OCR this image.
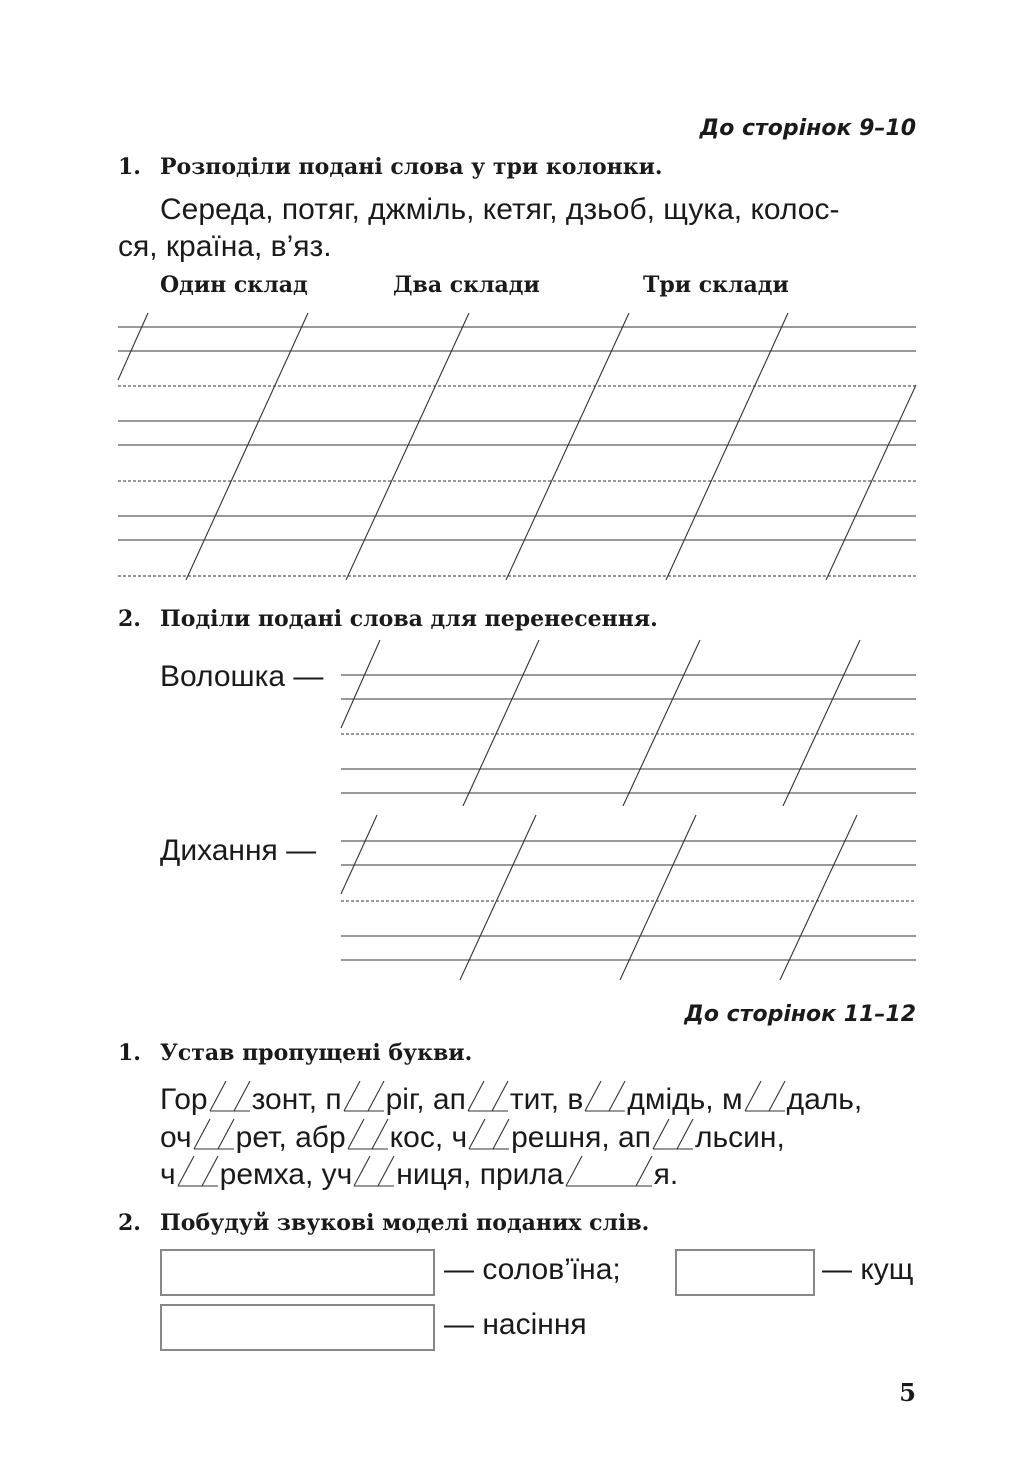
До сторінок 9–10
1. Розподіли подані слова у три колонки.
Середа, потяг, джміль, кетяг, дзьоб, щука, колос-
ся, країна, в’яз.
Один склад	Два склади	Три склади
2. Поділи подані слова для перенесення.
Волошка —
Дихання —
До сторінок 11–12
1. Устав пропущені букви.
Гор зонт, п ріг, ап тит, в дмідь, м даль,
оч рет, абр кос, ч решня, ап льсин,
ч ремха, уч ниця, прила	я.
2. Побудуй звукові моделі поданих слів.
— солов’їна;	— кущ
— насіння
5
